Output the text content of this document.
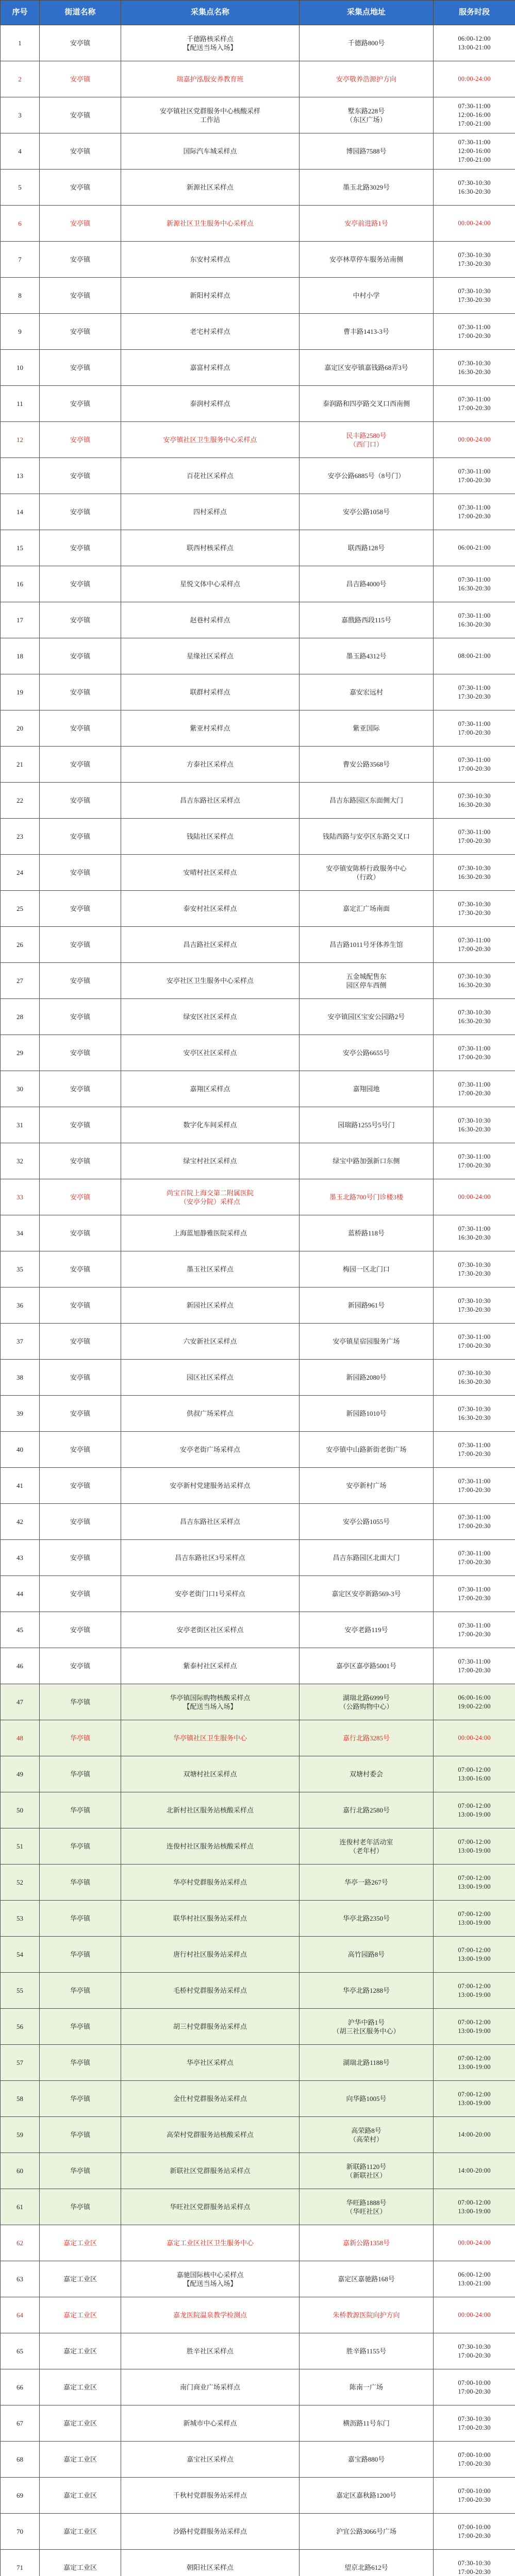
序号	街道名称	采集点名称	采集点地址	服务时段
1	安亭镇	千德路核采样点
【配送当场入场】	千德路800号	06:00-12:00
13:00-21:00
2	安亭镇	瑞嘉护泓服安养教育班	安亭敬养浩源护方向	00:00-24:00
3	安亭镇	安亭镇社区党群服务中心核酸采样
工作站	墅东路228号
（东区广场）	07:30-11:00
12:00-16:00
17:00-21:00
4	安亭镇	国际汽车城采样点	博园路7588号	07:30-11:00
12:00-16:00
17:00-21:00
5	安亭镇	新源社区采样点	墨玉北路3029号	07:30-10:30
16:30-20:30
6	安亭镇	新源社区卫生服务中心采样点	安亭前进路1号	00:00-24:00
7	安亭镇	东安村采样点	安亭林草停车服务站南侧	07:30-10:30
17:30-20:30
8	安亭镇	新阳村采样点	中村小学	07:30-10:30
17:30-20:30
9	安亭镇	老宅村采样点	曹丰路1413-3号	07:30-11:00
17:00-20:30
10	安亭镇	嘉富村采样点	嘉定区安亭镇嘉钱路68弄3号	07:30-10:30
16:30-20:30
11	安亭镇	泰润村采样点	泰润路和四亭路交叉口西南侧	07:30-11:00
17:00-20:30
12	安亭镇	安亭镇社区卫生服务中心采样点	民丰路2580号
（西门口）	00:00-24:00
13	安亭镇	百花社区采样点	安亭公路6885号（8号门）	07:30-11:00
17:00-20:30
14	安亭镇	四村采样点	安亭公路1058号	07:30-11:00
17:00-20:30
15	安亭镇	联西村核采样点	联西路128号	06:00-21:00
16	安亭镇	星悦文体中心采样点	昌吉路4000号	07:30-11:00
16:30-20:30
17	安亭镇	赵巷村采样点	嘉戬路西段115号	07:30-11:00
16:30-20:30
18	安亭镇	星缘社区采样点	墨玉路4312号	08:00-21:00
19	安亭镇	联群村采样点	嘉安宏远村	07:30-11:00
17:30-20:30
20	安亭镇	紫亚村采样点	紫亚国际	07:30-11:00
17:00-20:30
21	安亭镇	方泰社区采样点	曹安公路3568号	07:30-11:00
17:00-20:30
22	安亭镇	昌吉东路社区采样点	昌吉东路园区东面侧大门	07:30-10:30
16:30-20:30
23	安亭镇	钱陆社区采样点	钱陆西路与安亭区东路交叉口	07:30-11:00
17:00-20:30
24	安亭镇	安晴村社区采样点	安亭镇安陈桥行政服务中心
（行政）	07:30-10:30
16:30-20:30
25	安亭镇	泰安村社区采样点	嘉定汇广场南面	07:30-10:30
17:30-20:30
26	安亭镇	昌吉路社区采样点	昌吉路1011号牙体养生馆	07:30-11:00
17:00-20:30
27	安亭镇	安亭社区卫生服务中心采样点	五金城配售东
园区停车西侧	07:30-10:30
16:30-20:30
28	安亭镇	绿安区社区采样点	安亭镇园区宝安公园路2号	07:30-10:30
16:30-20:30
29	安亭镇	安亭区社区采样点	安亭公路6655号	07:30-11:00
17:00-20:30
30	安亭镇	嘉翔区采样点	嘉翔园地	07:30-11:00
17:00-20:30
31	安亭镇	数字化车间采样点	园瑞路1255号5号门	07:30-10:30
16:30-20:30
32	安亭镇	绿宝村社区采样点	绿宝中路加强新口东侧	07:30-11:00
17:00-20:30
33	安亭镇	尚宝百院上海交第二附属医院
（安亭分院）采样点	墨玉北路700号门诊楼3楼	00:00-24:00
34	安亭镇	上海蓝旭静雅医院采样点	蓝桥路118号	07:30-11:00
16:30-20:30
35	安亭镇	墨玉社区采样点	梅园一区北门口	07:30-10:30
17:30-20:30
36	安亭镇	新园社区采样点	新园路961号	07:30-10:30
17:30-20:30
37	安亭镇	六安新社区采样点	安亭镇星宿园服务广场	07:30-11:00
17:00-20:30
38	安亭镇	园区社区采样点	新园路2080号	07:30-10:30
16:30-20:30
39	安亭镇	供叔广场采样点	新园路1010号	07:30-10:30
16:30-20:30
40	安亭镇	安亭老街广场采样点	安亭镇中山路新街老街广场	07:30-11:00
17:00-20:30
41	安亭镇	安亭新村党建服务站采样点	安亭新村广场	07:30-11:00
17:00-20:30
42	安亭镇	昌吉东路社区采样点	安亭公路1055号	07:30-11:00
17:00-20:30
43	安亭镇	昌吉东路社区3号采样点	昌吉东路园区北面大门	07:30-11:00
17:00-20:30
44	安亭镇	安亭老街门口1号采样点	嘉定区安亭新路569-3号	07:30-11:00
17:00-20:30
45	安亭镇	安亭老街区社区采样点	安亭老路119号	07:30-11:00
17:00-20:30
46	安亭镇	紫泰村社区采样点	嘉亭区嘉亭路5001号	07:30-11:00
17:00-20:30
47	华亭镇	华亭镇国际购物核酸采样点
【配送当场入场】	湖瑞北路6999号
（公路购物中心）	06:00-16:00
19:00-22:00
48	华亭镇	华亭镇社区卫生服务中心	嘉行北路3285号	00:00-24:00
49	华亭镇	双塘村社区采样点	双塘村委会	07:00-12:00
13:00-16:00
50	华亭镇	北新村社区服务站核酸采样点	嘉行北路2580号	07:00-12:00
13:00-19:00
51	华亭镇	连俊村社区服务站核酸采样点	连俊村老年活动室
（老年村）	07:00-12:00
13:00-19:00
52	华亭镇	华亭村党群服务站采样点	华亭一路267号	07:00-12:00
13:00-19:00
53	华亭镇	联华村社区服务站采样点	华亭北路2350号	07:00-12:00
13:00-19:00
54	华亭镇	唐行村社区服务站采样点	高竹园路8号	07:00-12:00
13:00-19:00
55	华亭镇	毛桥村党群服务站采样点	华亭北路1288号	07:00-12:00
13:00-19:00
56	华亭镇	胡三村党群服务站采样点	沪华中路1号
（胡三社区服务中心）	07:00-12:00
13:00-19:00
57	华亭镇	华亭社区采样点	湖瑞北路1188号	07:00-12:00
13:00-19:00
58	华亭镇	金仕村党群服务站采样点	向华路1005号	07:00-12:00
13:00-19:00
59	华亭镇	高荣村党群服务站核酸采样点	高荣路8号
（高荣村）	14:00-20:00
60	华亭镇	新联社区党群服务站采样点	新联路1120号
（新联社区）	14:00-20:00
61	华亭镇	华旺社区党群服务站采样点	华旺路1888号
（华旺社区）	07:00-12:00
13:00-19:00
62	嘉定工业区	嘉定工业区社区卫生服务中心	嘉新公路1358号	00:00-24:00
63	嘉定工业区	嘉驰国际核中心采样点
【配送当场入场】	嘉定区嘉驰路168号	06:00-12:00
13:00-21:00
64	嘉定工业区	嘉龙医院温泉教学检测点	朱桥教源医院向护方向	00:00-24:00
65	嘉定工业区	胜辛社区采样点	胜辛路1155号	07:30-10:30
17:00-20:30
66	嘉定工业区	南门商业广场采样点	陈南一广场	07:00-10:00
17:00-20:30
67	嘉定工业区	新城市中心采样点	横沥路11号东门	07:30-10:30
17:00-20:30
68	嘉定工业区	嘉宝社区采样点	嘉宝路880号	07:00-10:00
17:00-20:30
69	嘉定工业区	千秋村党群服务站采样点	嘉定区嘉秋路1200号	07:00-10:00
17:00-20:30
70	嘉定工业区	沙路村党群服务站采样点	沪宜公路3066号广场	07:00-10:00
17:00-20:30
71	嘉定工业区	朝阳社区采样点	望京北路612号	07:30-10:30
17:00-20:30
